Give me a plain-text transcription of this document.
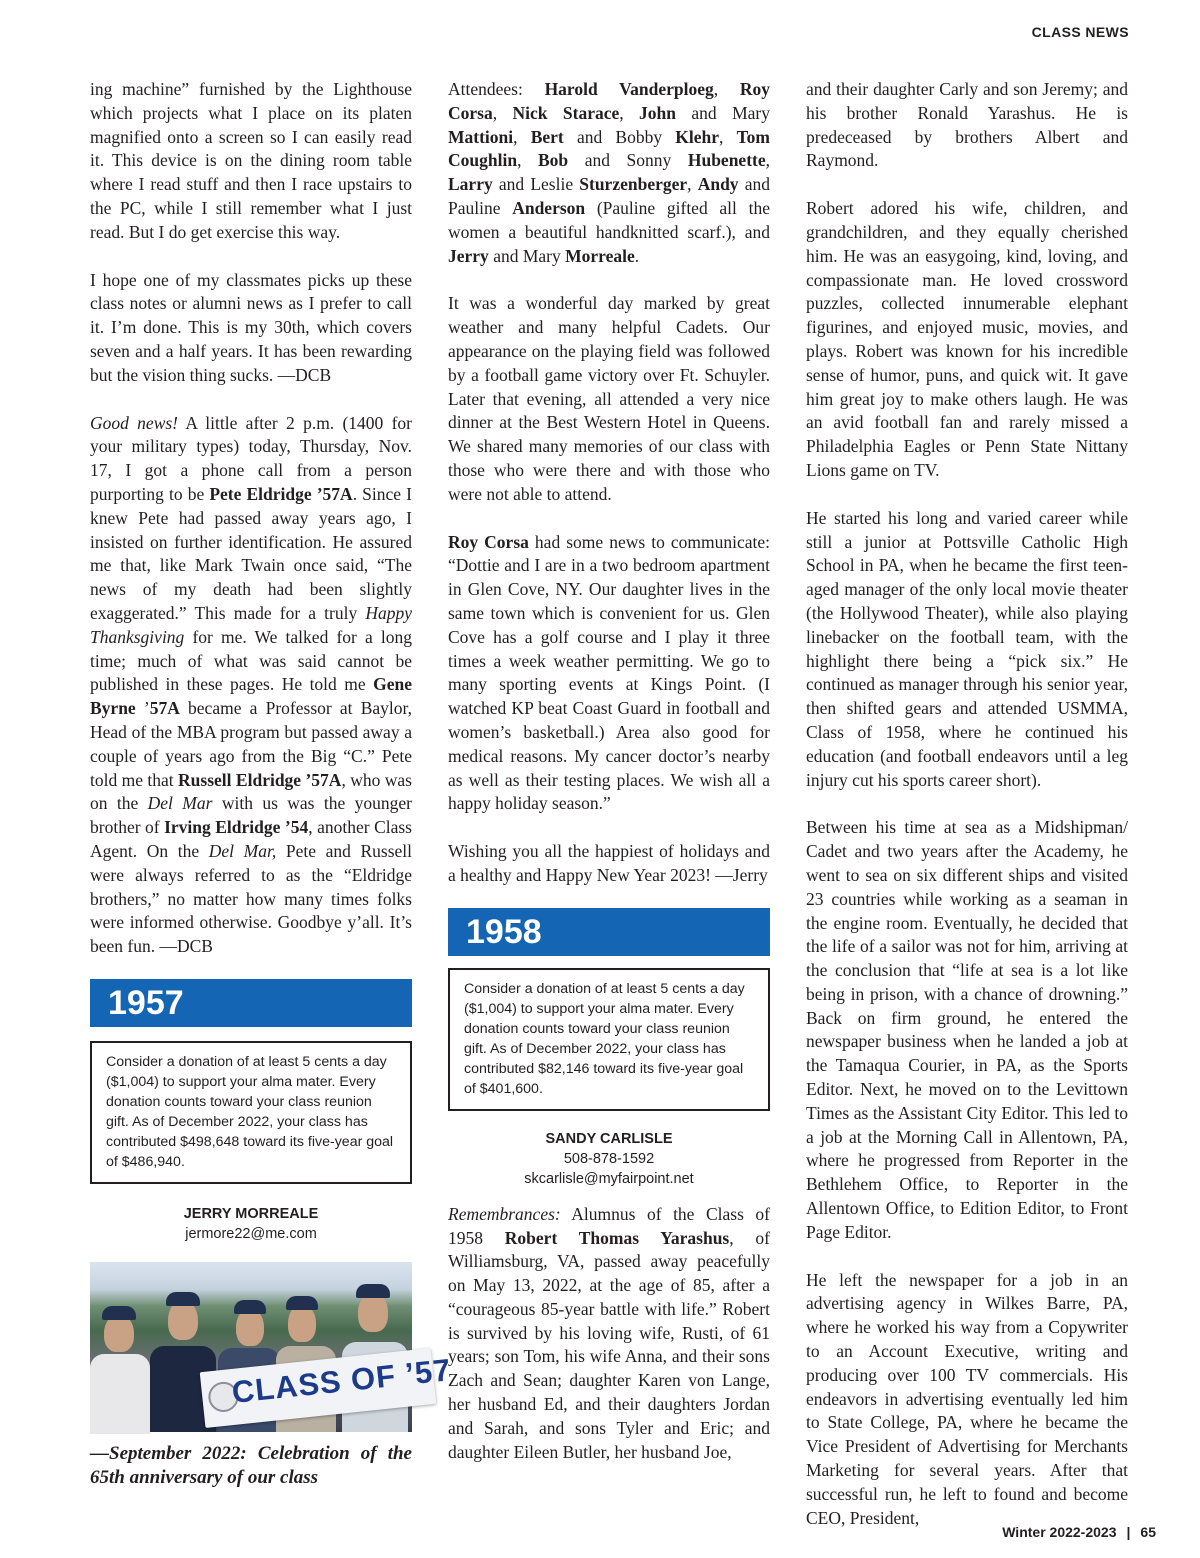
CLASS NEWS

ing machine” furnished by the Lighthouse which projects what I place on its platen magnified onto a screen so I can easily read it. This device is on the dining room table where I read stuff and then I race upstairs to the PC, while I still remember what I just read. But I do get exercise this way.

I hope one of my classmates picks up these class notes or alumni news as I prefer to call it. I’m done. This is my 30th, which covers seven and a half years. It has been rewarding but the vision thing sucks. —DCB

Good news! A little after 2 p.m. (1400 for your military types) today, Thursday, Nov. 17, I got a phone call from a person purporting to be Pete Eldridge ’57A. Since I knew Pete had passed away years ago, I insisted on further identification. He assured me that, like Mark Twain once said, “The news of my death had been slightly exaggerated.” This made for a truly Happy Thanksgiving for me. We talked for a long time; much of what was said cannot be published in these pages. He told me Gene Byrne ’57A became a Professor at Baylor, Head of the MBA program but passed away a couple of years ago from the Big “C.” Pete told me that Russell Eldridge ’57A, who was on the Del Mar with us was the younger brother of Irving Eldridge ’54, another Class Agent. On the Del Mar, Pete and Russell were always referred to as the “Eldridge brothers,” no matter how many times folks were informed otherwise. Goodbye y’all. It’s been fun. —DCB

1957
Consider a donation of at least 5 cents a day ($1,004) to support your alma mater. Every donation counts toward your class reunion gift. As of December 2022, your class has contributed $498,648 toward its five-year goal of $486,940.
JERRY MORREALE
jermore22@me.com
CLASS OF ’57
—September 2022: Celebration of the 65th anniversary of our class

Attendees: Harold Vanderploeg, Roy Corsa, Nick Starace, John and Mary Mattioni, Bert and Bobby Klehr, Tom Coughlin, Bob and Sonny Hubenette, Larry and Leslie Sturzenberger, Andy and Pauline Anderson (Pauline gifted all the women a beautiful handknitted scarf.), and Jerry and Mary Morreale.

It was a wonderful day marked by great weather and many helpful Cadets. Our appearance on the playing field was followed by a football game victory over Ft. Schuyler. Later that evening, all attended a very nice dinner at the Best Western Hotel in Queens. We shared many memories of our class with those who were there and with those who were not able to attend.

Roy Corsa had some news to communicate: “Dottie and I are in a two bedroom apartment in Glen Cove, NY. Our daughter lives in the same town which is convenient for us. Glen Cove has a golf course and I play it three times a week weather permitting. We go to many sporting events at Kings Point. (I watched KP beat Coast Guard in football and women’s basketball.) Area also good for medical reasons. My cancer doctor’s nearby as well as their testing places. We wish all a happy holiday season.”

Wishing you all the happiest of holidays and a healthy and Happy New Year 2023! —Jerry

1958
Consider a donation of at least 5 cents a day ($1,004) to support your alma mater. Every donation counts toward your class reunion gift. As of December 2022, your class has contributed $82,146 toward its five-year goal of $401,600.
SANDY CARLISLE
508-878-1592
skcarlisle@myfairpoint.net

Remembrances: Alumnus of the Class of 1958 Robert Thomas Yarashus, of Williamsburg, VA, passed away peacefully on May 13, 2022, at the age of 85, after a “courageous 85-year battle with life.” Robert is survived by his loving wife, Rusti, of 61 years; son Tom, his wife Anna, and their sons Zach and Sean; daughter Karen von Lange, her husband Ed, and their daughters Jordan and Sarah, and sons Tyler and Eric; and daughter Eileen Butler, her husband Joe,

and their daughter Carly and son Jeremy; and his brother Ronald Yarashus. He is predeceased by brothers Albert and Raymond.

Robert adored his wife, children, and grandchildren, and they equally cherished him. He was an easygoing, kind, loving, and compassionate man. He loved crossword puzzles, collected innumerable elephant figurines, and enjoyed music, movies, and plays. Robert was known for his incredible sense of humor, puns, and quick wit. It gave him great joy to make others laugh. He was an avid football fan and rarely missed a Philadelphia Eagles or Penn State Nittany Lions game on TV.

He started his long and varied career while still a junior at Pottsville Catholic High School in PA, when he became the first teen-aged manager of the only local movie theater (the Hollywood Theater), while also playing linebacker on the football team, with the highlight there being a “pick six.” He continued as manager through his senior year, then shifted gears and attended USMMA, Class of 1958, where he continued his education (and football endeavors until a leg injury cut his sports career short).

Between his time at sea as a Midshipman/ Cadet and two years after the Academy, he went to sea on six different ships and visited 23 countries while working as a seaman in the engine room. Eventually, he decided that the life of a sailor was not for him, arriving at the conclusion that “life at sea is a lot like being in prison, with a chance of drowning.” Back on firm ground, he entered the newspaper business when he landed a job at the Tamaqua Courier, in PA, as the Sports Editor. Next, he moved on to the Levittown Times as the Assistant City Editor. This led to a job at the Morning Call in Allentown, PA, where he progressed from Reporter in the Bethlehem Office, to Reporter in the Allentown Office, to Edition Editor, to Front Page Editor.

He left the newspaper for a job in an advertising agency in Wilkes Barre, PA, where he worked his way from a Copywriter to an Account Executive, writing and producing over 100 TV commercials. His endeavors in advertising eventually led him to State College, PA, where he became the Vice President of Advertising for Merchants Marketing for several years. After that successful run, he left to found and become CEO, President,

Winter 2022-2023 | 65
